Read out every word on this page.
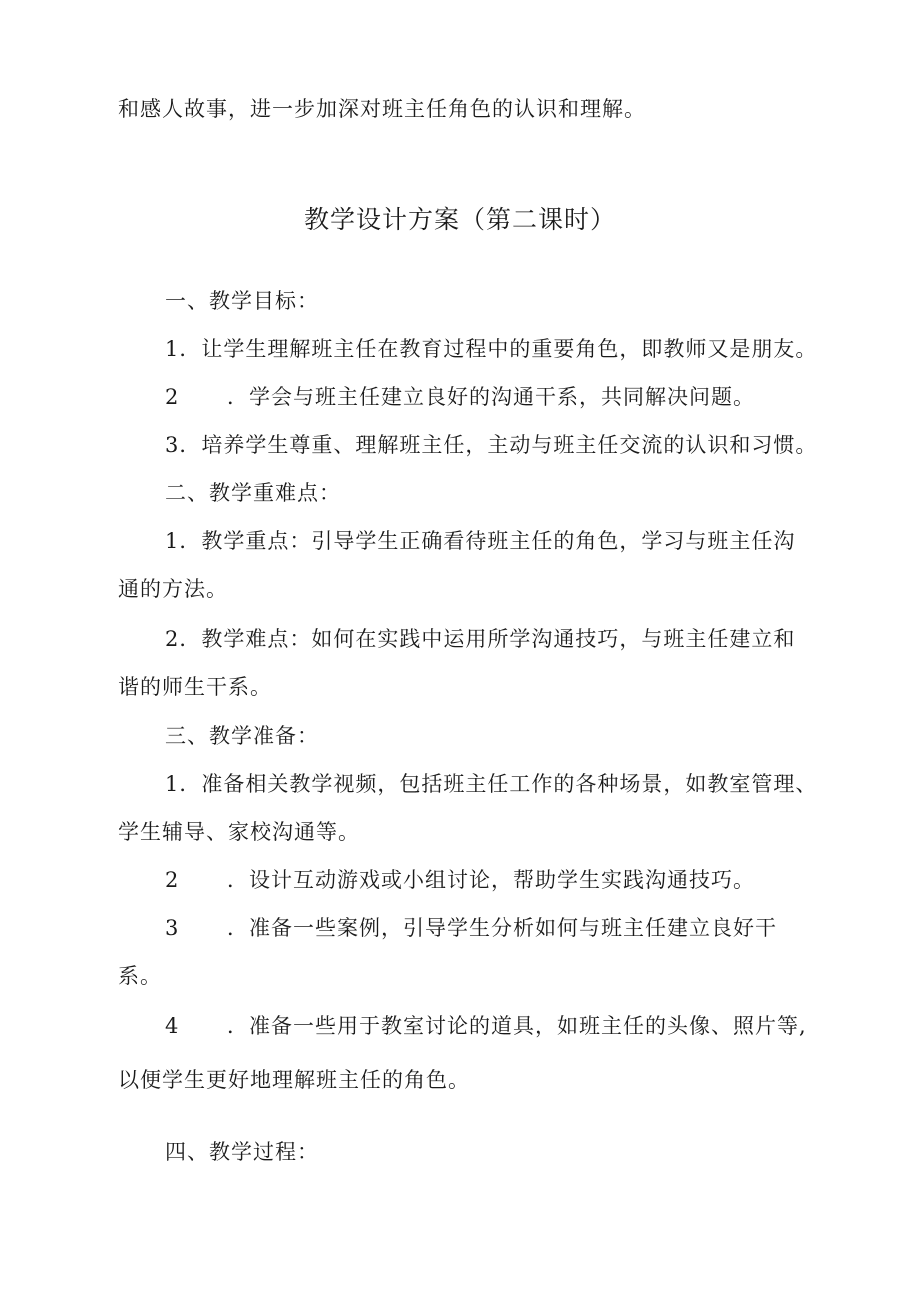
和感人故事，进一步加深对班主任角色的认识和理解。
教学设计方案（第二课时）
一、教学目标：
1．让学生理解班主任在教育过程中的重要角色，即教师又是朋友。
2 ．学会与班主任建立良好的沟通干系，共同解决问题。
3．培养学生尊重、理解班主任，主动与班主任交流的认识和习惯。
二、教学重难点：
1．教学重点：引导学生正确看待班主任的角色，学习与班主任沟
通的方法。
2．教学难点：如何在实践中运用所学沟通技巧，与班主任建立和
谐的师生干系。
三、教学准备：
1．准备相关教学视频，包括班主任工作的各种场景，如教室管理、
学生辅导、家校沟通等。
2 ．设计互动游戏或小组讨论，帮助学生实践沟通技巧。
3 ．准备一些案例，引导学生分析如何与班主任建立良好干
系。
4 ．准备一些用于教室讨论的道具，如班主任的头像、照片等,
以便学生更好地理解班主任的角色。
四、教学过程：
